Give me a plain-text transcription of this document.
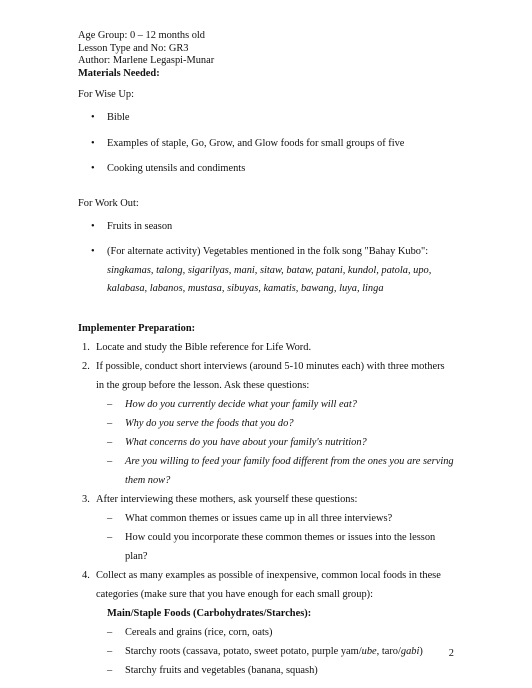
Age Group: 0 – 12 months old
Lesson Type and No: GR3
Author: Marlene Legaspi-Munar
Materials Needed:
For Wise Up:
• Bible
• Examples of staple, Go, Grow, and Glow foods for small groups of five
• Cooking utensils and condiments
For Work Out:
• Fruits in season
• (For alternate activity) Vegetables mentioned in the folk song "Bahay Kubo":
singkamas, talong, sigarilyas, mani, sitaw, bataw, patani, kundol, patola, upo,
kalabasa, labanos, mustasa, sibuyas, kamatis, bawang, luya, linga
Implementer Preparation:
1. Locate and study the Bible reference for Life Word.
2. If possible, conduct short interviews (around 5-10 minutes each) with three mothers
in the group before the lesson. Ask these questions:
– How do you currently decide what your family will eat?
– Why do you serve the foods that you do?
– What concerns do you have about your family's nutrition?
– Are you willing to feed your family food different from the ones you are serving
them now?
3. After interviewing these mothers, ask yourself these questions:
– What common themes or issues came up in all three interviews?
– How could you incorporate these common themes or issues into the lesson
plan?
4. Collect as many examples as possible of inexpensive, common local foods in these
categories (make sure that you have enough for each small group):
Main/Staple Foods (Carbohydrates/Starches):
– Cereals and grains (rice, corn, oats)
– Starchy roots (cassava, potato, sweet potato, purple yam/ube, taro/gabi)
– Starchy fruits and vegetables (banana, squash)
2
